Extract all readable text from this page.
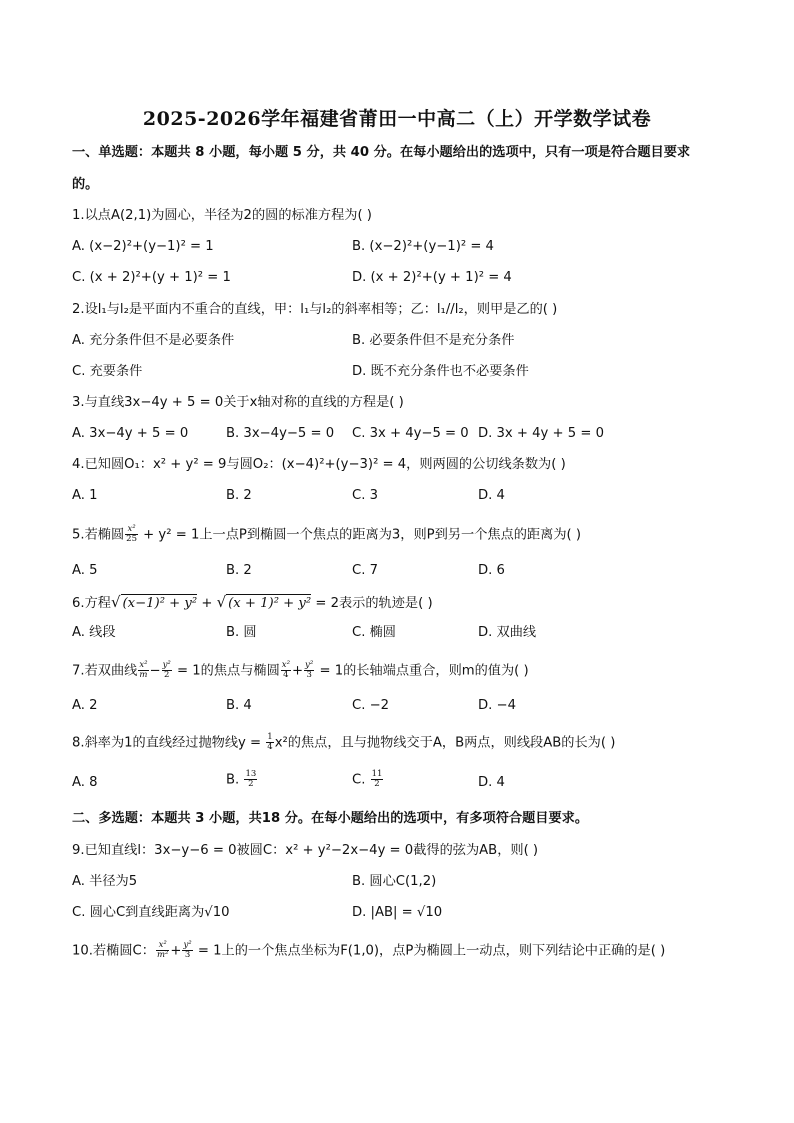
2025-2026学年福建省莆田一中高二（上）开学数学试卷
一、单选题：本题共 8 小题，每小题 5 分，共 40 分。在每小题给出的选项中，只有一项是符合题目要求
的。
1.以点A(2,1)为圆心，半径为2的圆的标准方程为( )
A. (x−2)²+(y−1)² = 1	B. (x−2)²+(y−1)² = 4
C. (x + 2)²+(y + 1)² = 1	D. (x + 2)²+(y + 1)² = 4
2.设l₁与l₂是平面内不重合的直线，甲：l₁与l₂的斜率相等；乙：l₁//l₂，则甲是乙的( )
A. 充分条件但不是必要条件	B. 必要条件但不是充分条件
C. 充要条件	D. 既不充分条件也不必要条件
3.与直线3x−4y + 5 = 0关于x轴对称的直线的方程是( )
A. 3x−4y + 5 = 0	B. 3x−4y−5 = 0 C. 3x + 4y−5 = 0 D. 3x + 4y + 5 = 0
4.已知圆O₁：x² + y² = 9与圆O₂：(x−4)²+(y−3)² = 4，则两圆的公切线条数为( )
A. 1	B. 2	C. 3	D. 4
5.若椭圆 $\frac{\text{x²}}{25} + y^2 = 1$上一点P到椭圆一个焦点的距离为3，则P到另一个焦点的距离为( )
A. 5	B. 2	C. 7	D. 6
6.方程√ (x−1)² + y² + √ (x + 1)² + y² = 2表示的轨迹是( )
A. 线段	B. 圆	C. 椭圆	D. 双曲线
7.若双曲线 $\frac{\text{x²}}{m} - \frac{\text{y²}}{2} = 1$的焦点与椭圆 $\frac{\text{x²}}{4} + \frac{\text{y²}}{3} = 1$的长轴端点重合，则m的值为( )
A. 2	B. 4	C. −2	D. −4
8.斜率为1的直线经过抛物线$y = \frac{1}{4} x^2$的焦点，且与抛物线交于A，B两点，则线段AB的长为( )
A. 8	B. $\frac{13}{2}$	C. $\frac{11}{2}$	D. 4
二、多选题：本题共 3 小题，共18 分。在每小题给出的选项中，有多项符合题目要求。
9.已知直线l：3x−y−6 = 0被圆C：x² + y²−2x−4y = 0截得的弦为AB，则( )
A. 半径为5	B. 圆心C(1,2)
C. 圆心C到直线距离为√10	D. |AB| = √10
10.若椭圆C： $\frac{\text{x²}}{\text{m²}} + \frac{\text{y²}}{3} = 1$上的一个焦点坐标为F(1,0)，点P为椭圆上一动点，则下列结论中正确的是( )
